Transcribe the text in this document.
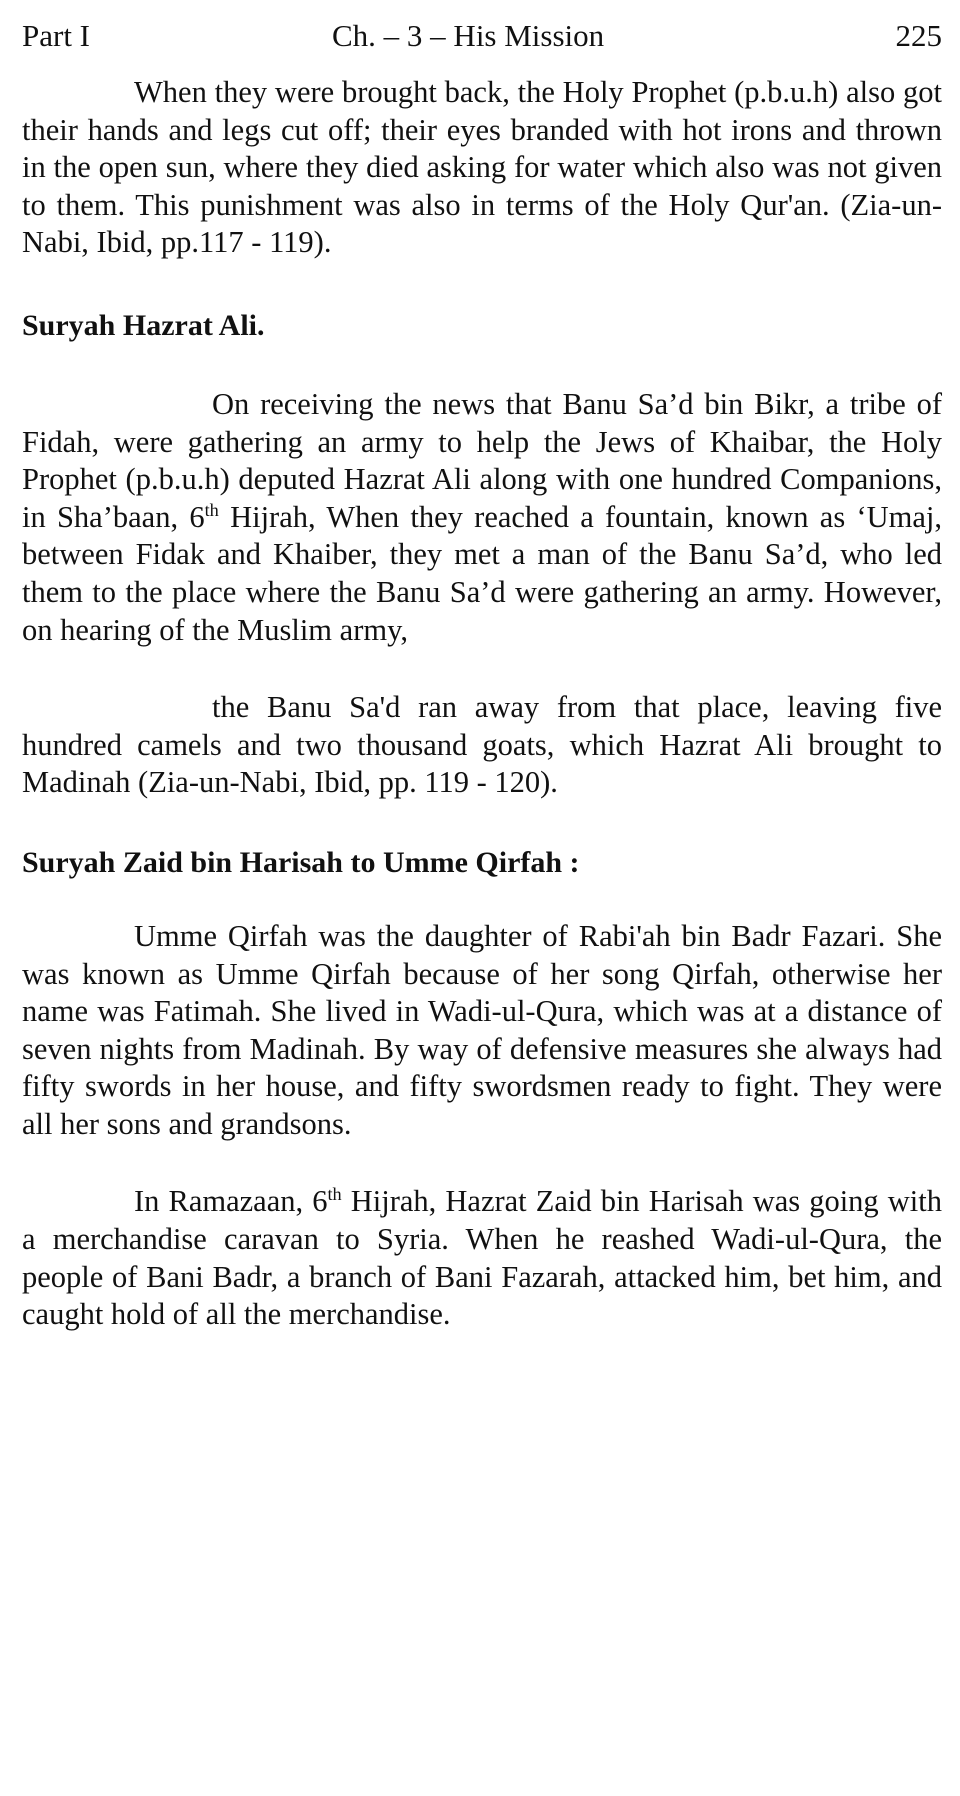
Part I	Ch. – 3 – His Mission	225

When they were brought back, the Holy Prophet (p.b.u.h) also got their hands and legs cut off; their eyes branded with hot irons and thrown in the open sun, where they died asking for water which also was not given to them. This punishment was also in terms of the Holy Qur'an. (Zia-un-Nabi, Ibid, pp.117 - 119).

Suryah Hazrat Ali.

On receiving the news that Banu Sa’d bin Bikr, a tribe of Fidah, were gathering an army to help the Jews of Khaibar, the Holy Prophet (p.b.u.h) deputed Hazrat Ali along with one hundred Companions, in Sha’baan, 6th Hijrah, When they reached a fountain, known as ‘Umaj, between Fidak and Khaiber, they met a man of the Banu Sa’d, who led them to the place where the Banu Sa’d were gathering an army. However, on hearing of the Muslim army,

the Banu Sa'd ran away from that place, leaving five hundred camels and two thousand goats, which Hazrat Ali brought to Madinah (Zia-un-Nabi, Ibid, pp. 119 - 120).

Suryah Zaid bin Harisah to Umme Qirfah :

Umme Qirfah was the daughter of Rabi'ah bin Badr Fazari. She was known as Umme Qirfah because of her song Qirfah, otherwise her name was Fatimah. She lived in Wadi-ul-Qura, which was at a distance of seven nights from Madinah. By way of defensive measures she always had fifty swords in her house, and fifty swordsmen ready to fight. They were all her sons and grandsons.

In Ramazaan, 6th Hijrah, Hazrat Zaid bin Harisah was going with a merchandise caravan to Syria. When he reashed Wadi-ul-Qura, the people of Bani Badr, a branch of Bani Fazarah, attacked him, bet him, and caught hold of all the merchandise.
